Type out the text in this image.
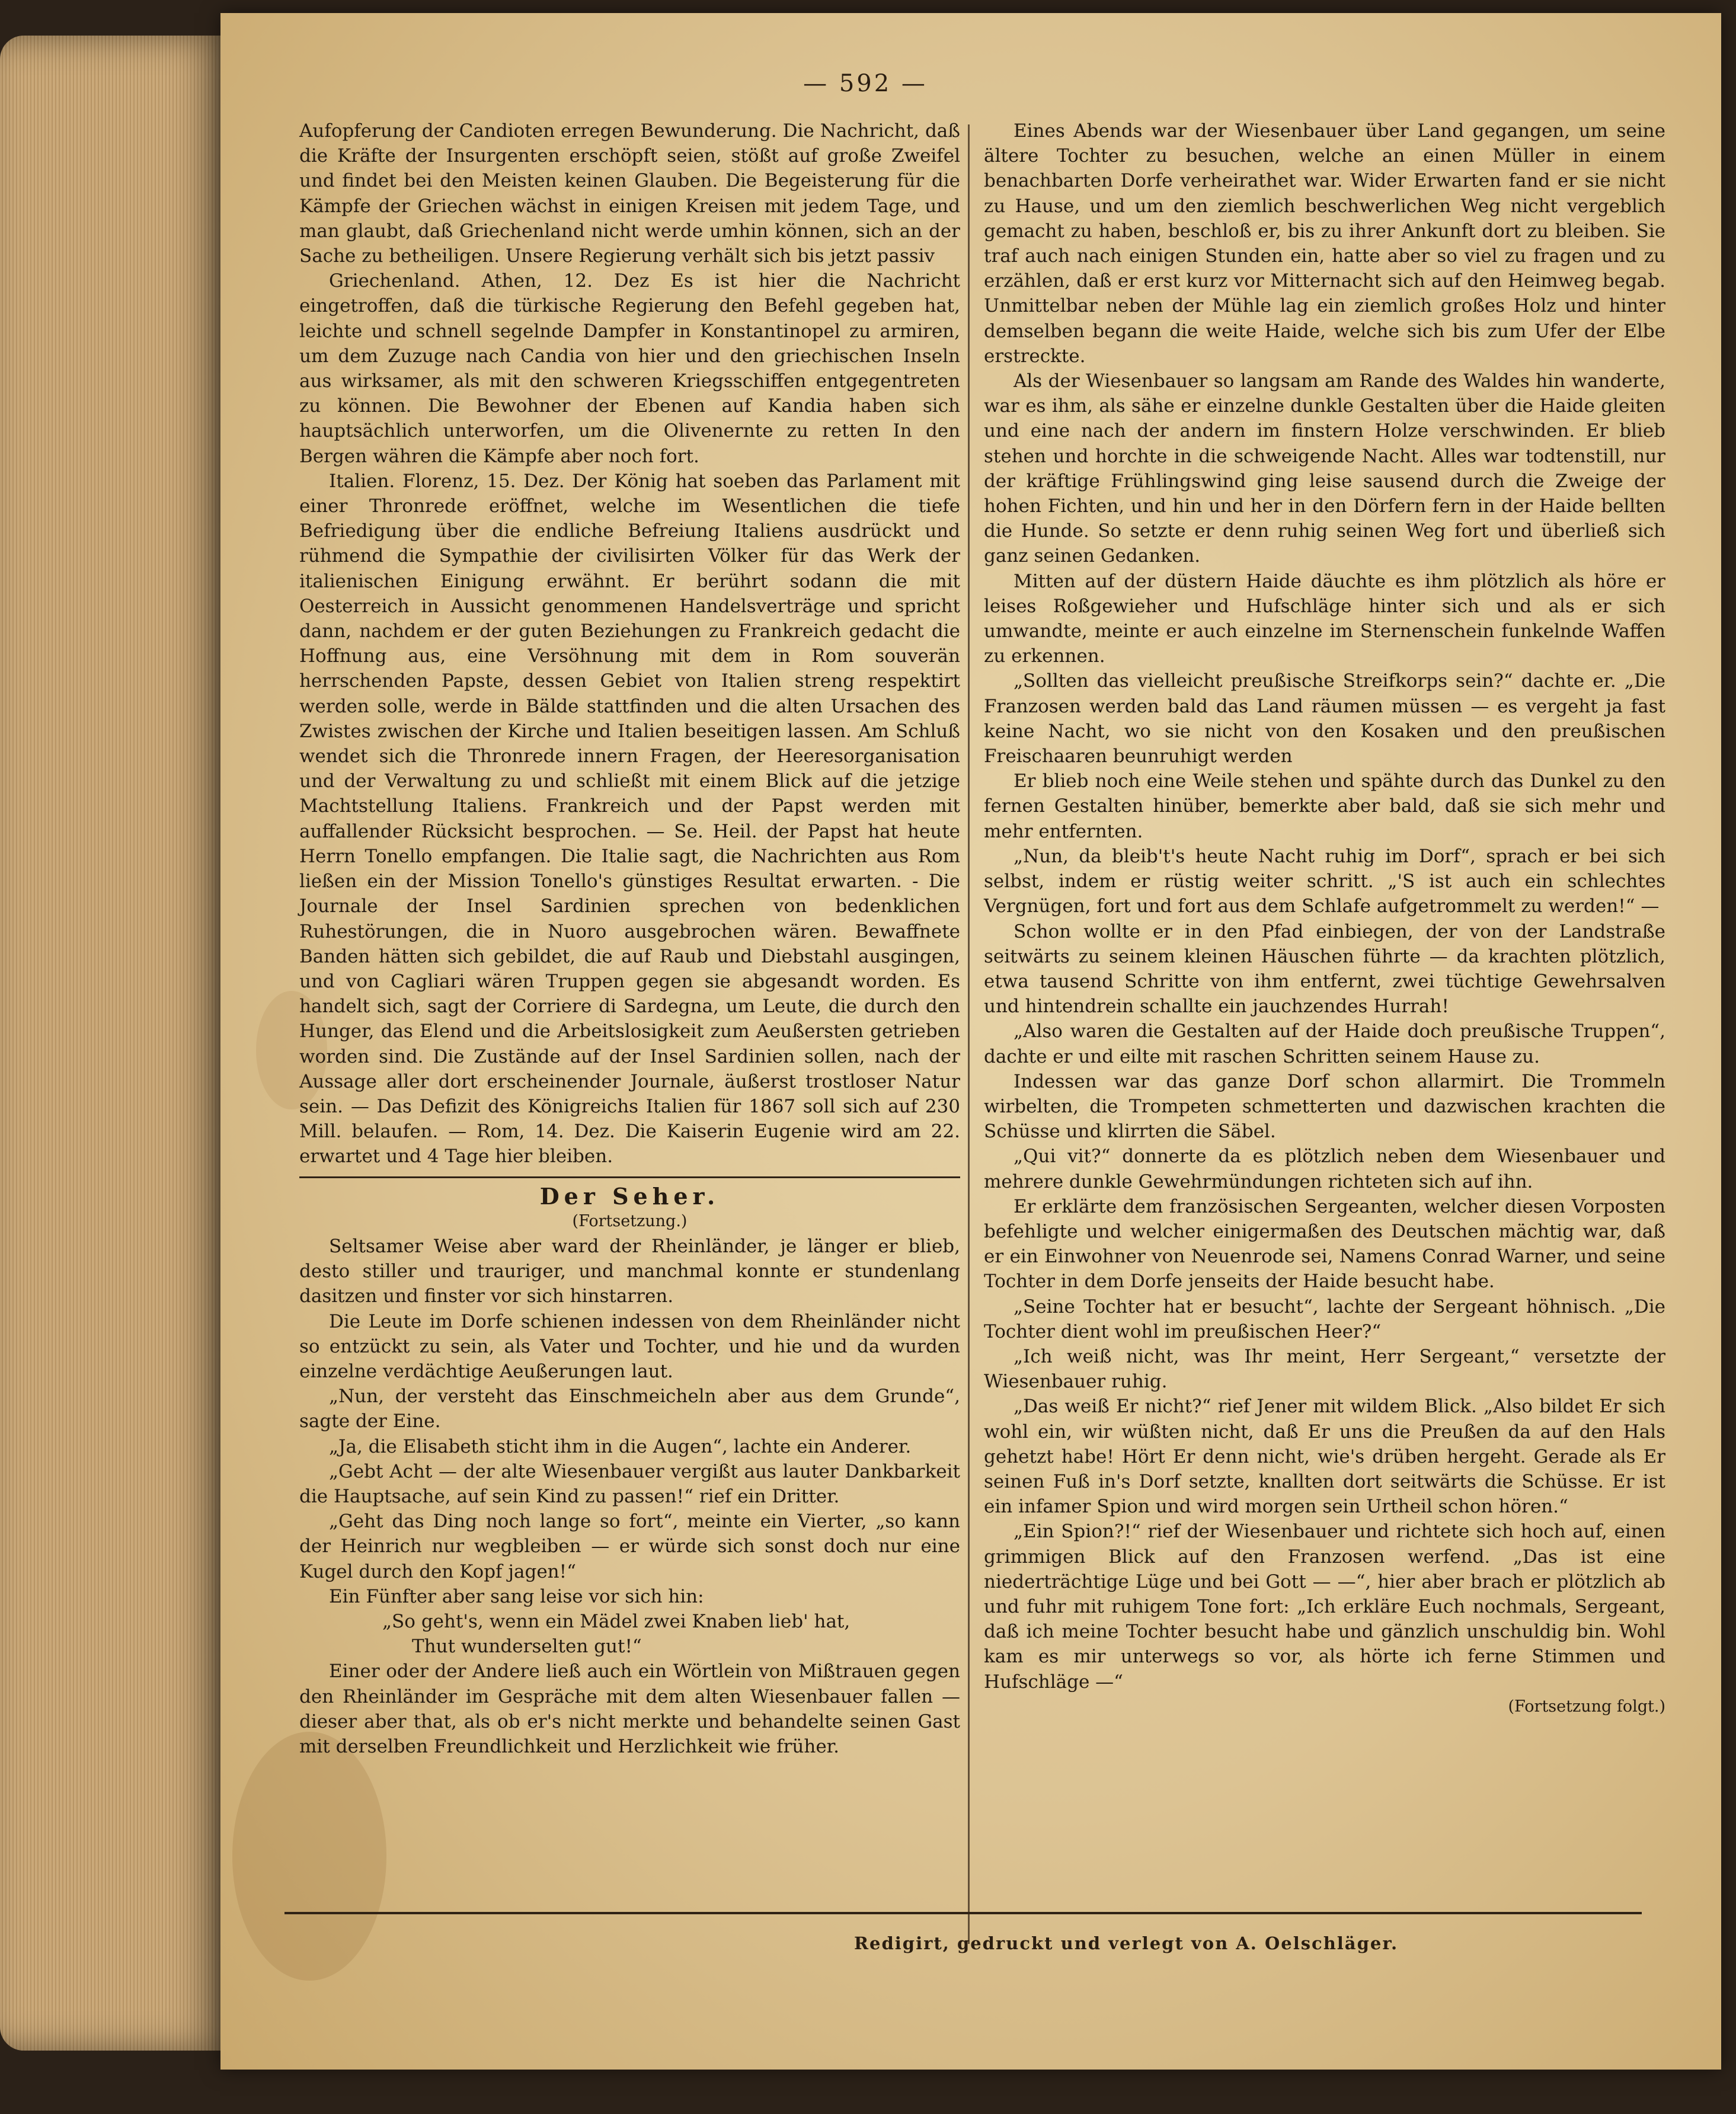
— 592 —

Aufopferung der Candioten erregen Bewunderung. Die Nachricht, daß die Kräfte der Insurgenten erschöpft seien, stößt auf große Zweifel und findet bei den Meisten keinen Glauben. Die Begeisterung für die Kämpfe der Griechen wächst in einigen Kreisen mit jedem Tage, und man glaubt, daß Griechenland nicht werde umhin können, sich an der Sache zu betheiligen. Unsere Regierung verhält sich bis jetzt passiv

Griechenland. Athen, 12. Dez Es ist hier die Nachricht eingetroffen, daß die türkische Regierung den Befehl gegeben hat, leichte und schnell segelnde Dampfer in Konstantinopel zu armiren, um dem Zuzuge nach Candia von hier und den griechischen Inseln aus wirksamer, als mit den schweren Kriegsschiffen entgegentreten zu können. Die Bewohner der Ebenen auf Kandia haben sich hauptsächlich unterworfen, um die Olivenernte zu retten In den Bergen währen die Kämpfe aber noch fort.

Italien. Florenz, 15. Dez. Der König hat soeben das Parlament mit einer Thronrede eröffnet, welche im Wesentlichen die tiefe Befriedigung über die endliche Befreiung Italiens ausdrückt und rühmend die Sympathie der civilisirten Völker für das Werk der italienischen Einigung erwähnt. Er berührt sodann die mit Oesterreich in Aussicht genommenen Handelsverträge und spricht dann, nachdem er der guten Beziehungen zu Frankreich gedacht die Hoffnung aus, eine Versöhnung mit dem in Rom souverän herrschenden Papste, dessen Gebiet von Italien streng respektirt werden solle, werde in Bälde stattfinden und die alten Ursachen des Zwistes zwischen der Kirche und Italien beseitigen lassen. Am Schluß wendet sich die Thronrede innern Fragen, der Heeresorganisation und der Verwaltung zu und schließt mit einem Blick auf die jetzige Machtstellung Italiens. Frankreich und der Papst werden mit auffallender Rücksicht besprochen. — Se. Heil. der Papst hat heute Herrn Tonello empfangen. Die Italie sagt, die Nachrichten aus Rom ließen ein der Mission Tonello's günstiges Resultat erwarten. - Die Journale der Insel Sardinien sprechen von bedenklichen Ruhestörungen, die in Nuoro ausgebrochen wären. Bewaffnete Banden hätten sich gebildet, die auf Raub und Diebstahl ausgingen, und von Cagliari wären Truppen gegen sie abgesandt worden. Es handelt sich, sagt der Corriere di Sardegna, um Leute, die durch den Hunger, das Elend und die Arbeitslosigkeit zum Aeußersten getrieben worden sind. Die Zustände auf der Insel Sardinien sollen, nach der Aussage aller dort erscheinender Journale, äußerst trostloser Natur sein. — Das Defizit des Königreichs Italien für 1867 soll sich auf 230 Mill. belaufen. — Rom, 14. Dez. Die Kaiserin Eugenie wird am 22. erwartet und 4 Tage hier bleiben.

Der Seher.

(Fortsetzung.)

Seltsamer Weise aber ward der Rheinländer, je länger er blieb, desto stiller und trauriger, und manchmal konnte er stundenlang dasitzen und finster vor sich hinstarren.

Die Leute im Dorfe schienen indessen von dem Rheinländer nicht so entzückt zu sein, als Vater und Tochter, und hie und da wurden einzelne verdächtige Aeußerungen laut.

„Nun, der versteht das Einschmeicheln aber aus dem Grunde“, sagte der Eine.

„Ja, die Elisabeth sticht ihm in die Augen“, lachte ein Anderer.

„Gebt Acht — der alte Wiesenbauer vergißt aus lauter Dankbarkeit die Hauptsache, auf sein Kind zu passen!“ rief ein Dritter.

„Geht das Ding noch lange so fort“, meinte ein Vierter, „so kann der Heinrich nur wegbleiben — er würde sich sonst doch nur eine Kugel durch den Kopf jagen!“

Ein Fünfter aber sang leise vor sich hin:

„So geht's, wenn ein Mädel zwei Knaben lieb' hat,

Thut wunderselten gut!“

Einer oder der Andere ließ auch ein Wörtlein von Mißtrauen gegen den Rheinländer im Gespräche mit dem alten Wiesenbauer fallen — dieser aber that, als ob er's nicht merkte und behandelte seinen Gast mit derselben Freundlichkeit und Herzlichkeit wie früher.

Eines Abends war der Wiesenbauer über Land gegangen, um seine ältere Tochter zu besuchen, welche an einen Müller in einem benachbarten Dorfe verheirathet war. Wider Erwarten fand er sie nicht zu Hause, und um den ziemlich beschwerlichen Weg nicht vergeblich gemacht zu haben, beschloß er, bis zu ihrer Ankunft dort zu bleiben. Sie traf auch nach einigen Stunden ein, hatte aber so viel zu fragen und zu erzählen, daß er erst kurz vor Mitternacht sich auf den Heimweg begab. Unmittelbar neben der Mühle lag ein ziemlich großes Holz und hinter demselben begann die weite Haide, welche sich bis zum Ufer der Elbe erstreckte.

Als der Wiesenbauer so langsam am Rande des Waldes hin wanderte, war es ihm, als sähe er einzelne dunkle Gestalten über die Haide gleiten und eine nach der andern im finstern Holze verschwinden. Er blieb stehen und horchte in die schweigende Nacht. Alles war todtenstill, nur der kräftige Frühlingswind ging leise sausend durch die Zweige der hohen Fichten, und hin und her in den Dörfern fern in der Haide bellten die Hunde. So setzte er denn ruhig seinen Weg fort und überließ sich ganz seinen Gedanken.

Mitten auf der düstern Haide däuchte es ihm plötzlich als höre er leises Roßgewieher und Hufschläge hinter sich und als er sich umwandte, meinte er auch einzelne im Sternenschein funkelnde Waffen zu erkennen.

„Sollten das vielleicht preußische Streifkorps sein?“ dachte er. „Die Franzosen werden bald das Land räumen müssen — es vergeht ja fast keine Nacht, wo sie nicht von den Kosaken und den preußischen Freischaaren beunruhigt werden

Er blieb noch eine Weile stehen und spähte durch das Dunkel zu den fernen Gestalten hinüber, bemerkte aber bald, daß sie sich mehr und mehr entfernten.

„Nun, da bleib't's heute Nacht ruhig im Dorf“, sprach er bei sich selbst, indem er rüstig weiter schritt. „'S ist auch ein schlechtes Vergnügen, fort und fort aus dem Schlafe aufgetrommelt zu werden!“ —

Schon wollte er in den Pfad einbiegen, der von der Landstraße seitwärts zu seinem kleinen Häuschen führte — da krachten plötzlich, etwa tausend Schritte von ihm entfernt, zwei tüchtige Gewehrsalven und hintendrein schallte ein jauchzendes Hurrah!

„Also waren die Gestalten auf der Haide doch preußische Truppen“, dachte er und eilte mit raschen Schritten seinem Hause zu.

Indessen war das ganze Dorf schon allarmirt. Die Trommeln wirbelten, die Trompeten schmetterten und dazwischen krachten die Schüsse und klirrten die Säbel.

„Qui vit?“ donnerte da es plötzlich neben dem Wiesenbauer und mehrere dunkle Gewehrmündungen richteten sich auf ihn.

Er erklärte dem französischen Sergeanten, welcher diesen Vorposten befehligte und welcher einigermaßen des Deutschen mächtig war, daß er ein Einwohner von Neuenrode sei, Namens Conrad Warner, und seine Tochter in dem Dorfe jenseits der Haide besucht habe.

„Seine Tochter hat er besucht“, lachte der Sergeant höhnisch. „Die Tochter dient wohl im preußischen Heer?“

„Ich weiß nicht, was Ihr meint, Herr Sergeant,“ versetzte der Wiesenbauer ruhig.

„Das weiß Er nicht?“ rief Jener mit wildem Blick. „Also bildet Er sich wohl ein, wir wüßten nicht, daß Er uns die Preußen da auf den Hals gehetzt habe! Hört Er denn nicht, wie's drüben hergeht. Gerade als Er seinen Fuß in's Dorf setzte, knallten dort seitwärts die Schüsse. Er ist ein infamer Spion und wird morgen sein Urtheil schon hören.“

„Ein Spion?!“ rief der Wiesenbauer und richtete sich hoch auf, einen grimmigen Blick auf den Franzosen werfend. „Das ist eine niederträchtige Lüge und bei Gott — —“, hier aber brach er plötzlich ab und fuhr mit ruhigem Tone fort: „Ich erkläre Euch nochmals, Sergeant, daß ich meine Tochter besucht habe und gänzlich unschuldig bin. Wohl kam es mir unterwegs so vor, als hörte ich ferne Stimmen und Hufschläge —“

(Fortsetzung folgt.)

Redigirt, gedruckt und verlegt von A. Oelschläger.
